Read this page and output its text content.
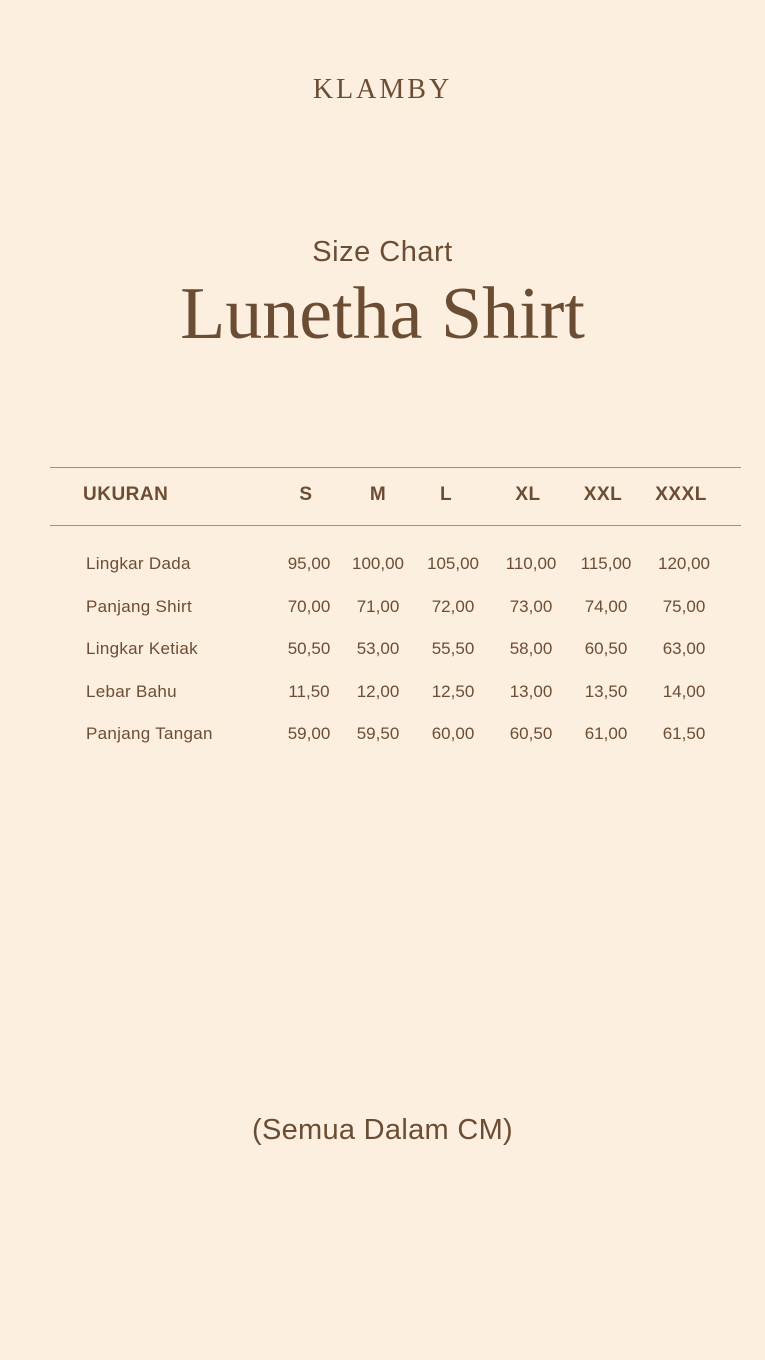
KLAMBY
Size Chart
Lunetha Shirt
UKURAN	S	M	L	XL XXL XXXL
Lingkar Dada	95,00 100,00 105,00 110,00 115,00 120,00
Panjang Shirt	70,00 71,00 72,00 73,00 74,00 75,00
Lingkar Ketiak	50,50 53,00 55,50 58,00 60,50 63,00
Lebar Bahu	11,50 12,00 12,50 13,00 13,50 14,00
Panjang Tangan	59,00 59,50 60,00 60,50 61,00 61,50
(Semua Dalam CM)
